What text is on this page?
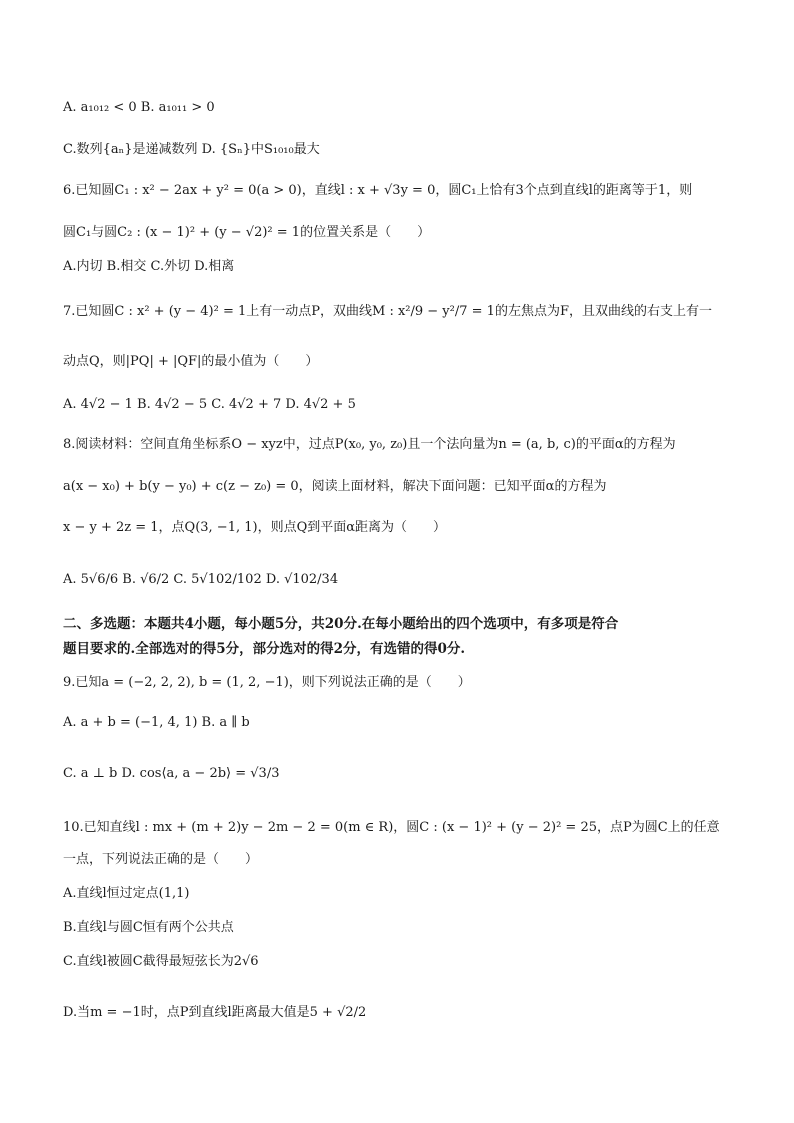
A. a₁₀₁₂ < 0 B. a₁₀₁₁ > 0
C.数列{aₙ}是递减数列 D. {Sₙ}中S₁₀₁₀最大
6.已知圆C₁ : x² − 2ax + y² = 0(a > 0)，直线l : x + √3y = 0，圆C₁上恰有3个点到直线l的距离等于1，则
圆C₁与圆C₂ : (x − 1)² + (y − √2)² = 1的位置关系是（　　）
A.内切 B.相交 C.外切 D.相离
7.已知圆C : x² + (y − 4)² = 1上有一动点P，双曲线M : x²/9 − y²/7 = 1的左焦点为F，且双曲线的右支上有一
动点Q，则|PQ| + |QF|的最小值为（　　）
A. 4√2 − 1 B. 4√2 − 5 C. 4√2 + 7 D. 4√2 + 5
8.阅读材料：空间直角坐标系O − xyz中，过点P(x₀, y₀, z₀)且一个法向量为n = (a, b, c)的平面α的方程为
a(x − x₀) + b(y − y₀) + c(z − z₀) = 0，阅读上面材料，解决下面问题：已知平面α的方程为
x − y + 2z = 1，点Q(3, −1, 1)，则点Q到平面α距离为（　　）
A. 5√6/6 B. √6/2 C. 5√102/102 D. √102/34
二、多选题：本题共4小题，每小题5分，共20分.在每小题给出的四个选项中，有多项是符合
题目要求的.全部选对的得5分，部分选对的得2分，有选错的得0分.
9.已知a = (−2, 2, 2), b = (1, 2, −1)，则下列说法正确的是（　　）
A. a + b = (−1, 4, 1) B. a ∥ b
C. a ⊥ b D. cos⟨a, a − 2b⟩ = √3/3
10.已知直线l : mx + (m + 2)y − 2m − 2 = 0(m ∈ R)，圆C : (x − 1)² + (y − 2)² = 25，点P为圆C上的任意
一点，下列说法正确的是（　　）
A.直线l恒过定点(1,1)
B.直线l与圆C恒有两个公共点
C.直线l被圆C截得最短弦长为2√6
D.当m = −1时，点P到直线l距离最大值是5 + √2/2
